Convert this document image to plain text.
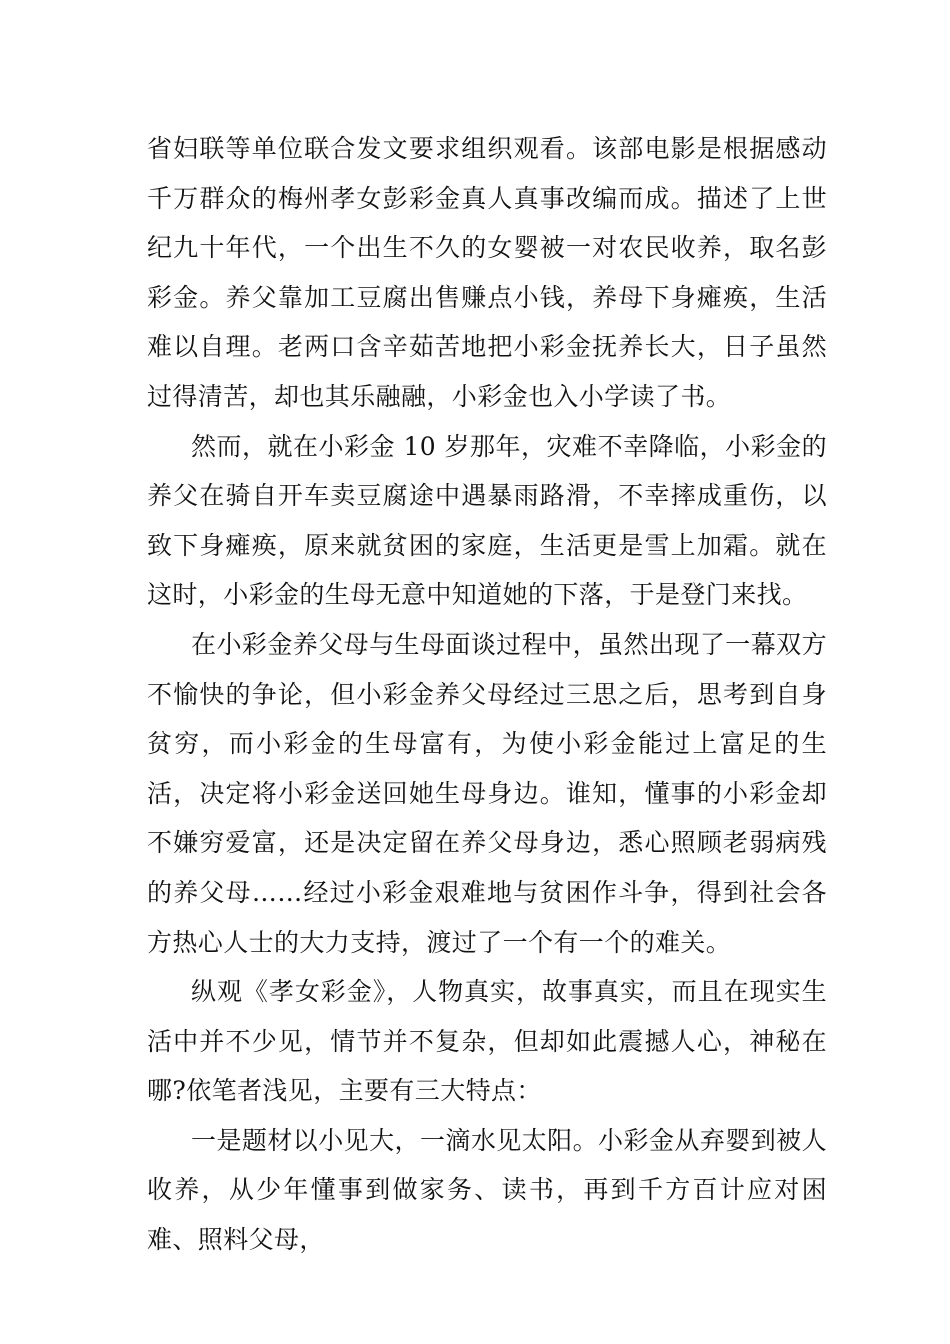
省妇联等单位联合发文要求组织观看。该部电影是根据感动千万群众的梅州孝女彭彩金真人真事改编而成。描述了上世纪九十年代，一个出生不久的女婴被一对农民收养，取名彭彩金。养父靠加工豆腐出售赚点小钱，养母下身瘫痪，生活难以自理。老两口含辛茹苦地把小彩金抚养长大，日子虽然过得清苦，却也其乐融融，小彩金也入小学读了书。

然而，就在小彩金 10 岁那年，灾难不幸降临，小彩金的养父在骑自开车卖豆腐途中遇暴雨路滑，不幸摔成重伤，以致下身瘫痪，原来就贫困的家庭，生活更是雪上加霜。就在这时，小彩金的生母无意中知道她的下落，于是登门来找。

在小彩金养父母与生母面谈过程中，虽然出现了一幕双方不愉快的争论，但小彩金养父母经过三思之后，思考到自身贫穷，而小彩金的生母富有，为使小彩金能过上富足的生活，决定将小彩金送回她生母身边。谁知，懂事的小彩金却不嫌穷爱富，还是决定留在养父母身边，悉心照顾老弱病残的养父母……经过小彩金艰难地与贫困作斗争，得到社会各方热心人士的大力支持，渡过了一个有一个的难关。

纵观《孝女彩金》，人物真实，故事真实，而且在现实生活中并不少见，情节并不复杂，但却如此震撼人心，神秘在哪?依笔者浅见，主要有三大特点：

一是题材以小见大，一滴水见太阳。小彩金从弃婴到被人收养，从少年懂事到做家务、读书，再到千方百计应对困难、照料父母，
